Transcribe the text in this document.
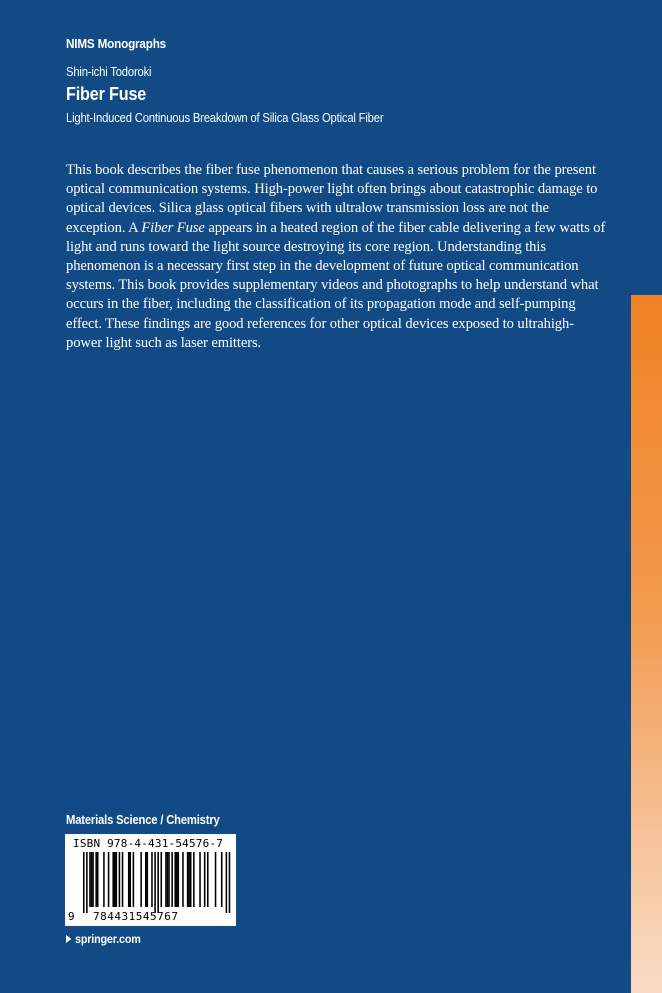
NIMS Monographs
Shin-ichi Todoroki
Fiber Fuse
Light-Induced Continuous Breakdown of Silica Glass Optical Fiber

This book describes the fiber fuse phenomenon that causes a serious problem for the present optical communication systems. High-power light often brings about catastrophic damage to optical devices. Silica glass optical fibers with ultralow transmission loss are not the exception. A Fiber Fuse appears in a heated region of the fiber cable delivering a few watts of light and runs toward the light source destroying its core region. Understanding this phenomenon is a necessary first step in the development of future optical communication systems. This book provides supplementary videos and photographs to help understand what occurs in the fiber, including the classification of its propagation mode and self-pumping effect. These findings are good references for other optical devices exposed to ultrahigh-power light such as laser emitters.

Materials Science / Chemistry
ISBN 978-4-431-54576-7
9 784431545767
springer.com
